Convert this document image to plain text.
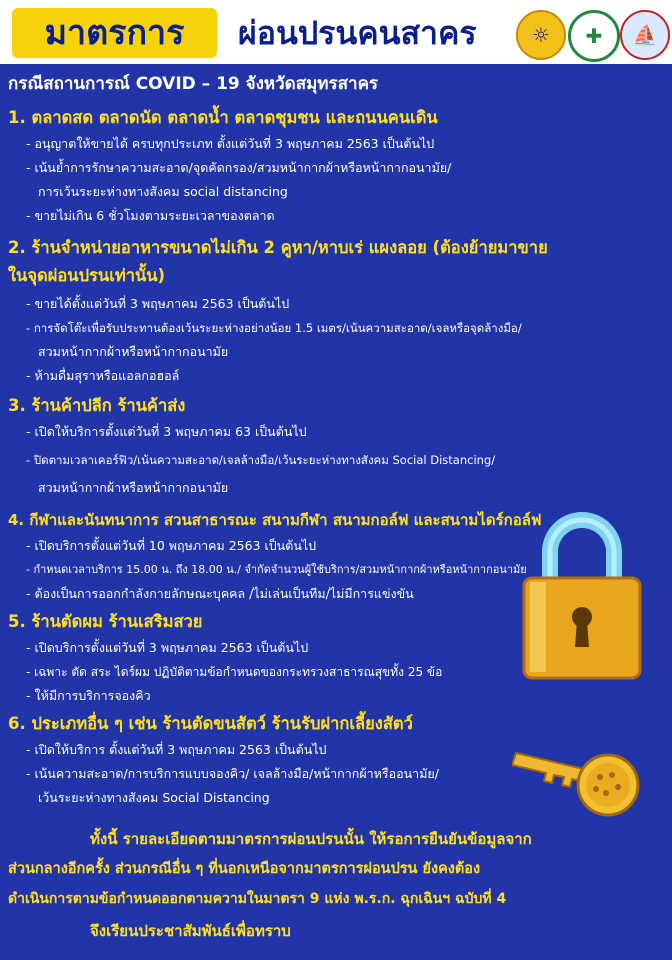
มาตรการ	ผ่อนปรนคนสาคร	☼	✚	⛵
กรณีสถานการณ์ COVID – 19 จังหวัดสมุทรสาคร
1. ตลาดสด ตลาดนัด ตลาดน้ำ ตลาดชุมชน และถนนคนเดิน
- อนุญาตให้ขายได้ ครบทุกประเภท ตั้งแต่วันที่ 3 พฤษภาคม 2563 เป็นต้นไป
- เน้นย้ำการรักษาความสะอาด/จุดคัดกรอง/สวมหน้ากากผ้าหรือหน้ากากอนามัย/
การเว้นระยะห่างทางสังคม social distancing
- ขายไม่เกิน 6 ชั่วโมงตามระยะเวลาของตลาด
2. ร้านจำหน่ายอาหารขนาดไม่เกิน 2 คูหา/หาบเร่ แผงลอย (ต้องย้ายมาขาย
ในจุดผ่อนปรนเท่านั้น)
- ขายได้ตั้งแต่วันที่ 3 พฤษภาคม 2563 เป็นต้นไป
- การจัดโต๊ะเพื่อรับประทานต้องเว้นระยะห่างอย่างน้อย 1.5 เมตร/เน้นความสะอาด/เจลหรือจุดล้างมือ/
สวมหน้ากากผ้าหรือหน้ากากอนามัย
- ห้ามดื่มสุราหรือแอลกอฮอล์
3. ร้านค้าปลีก ร้านค้าส่ง
- เปิดให้บริการตั้งแต่วันที่ 3 พฤษภาคม 63 เป็นต้นไป
- ปิดตามเวลาเคอร์ฟิว/เน้นความสะอาด/เจลล้างมือ/เว้นระยะห่างทางสังคม Social Distancing/
สวมหน้ากากผ้าหรือหน้ากากอนามัย
4. กีฬาและนันทนาการ สวนสาธารณะ สนามกีฬา สนามกอล์ฟ และสนามไดร์กอล์ฟ
- เปิดบริการตั้งแต่วันที่ 10 พฤษภาคม 2563 เป็นต้นไป
- กำหนดเวลาบริการ 15.00 น. ถึง 18.00 น./ จำกัดจำนวนผู้ใช้บริการ/สวมหน้ากากผ้าหรือหน้ากากอนามัย
- ต้องเป็นการออกกำลังกายลักษณะบุคคล /ไม่เล่นเป็นทีม/ไม่มีการแข่งขัน
5. ร้านตัดผม ร้านเสริมสวย
- เปิดบริการตั้งแต่วันที่ 3 พฤษภาคม 2563 เป็นต้นไป
- เฉพาะ ตัด สระ ไดร์ผม ปฏิบัติตามข้อกำหนดของกระทรวงสาธารณสุขทั้ง 25 ข้อ
- ให้มีการบริการจองคิว
6. ประเภทอื่น ๆ เช่น ร้านตัดขนสัตว์ ร้านรับฝากเลี้ยงสัตว์
- เปิดให้บริการ ตั้งแต่วันที่ 3 พฤษภาคม 2563 เป็นต้นไป
- เน้นความสะอาด/การบริการแบบจองคิว/ เจลล้างมือ/หน้ากากผ้าหรืออนามัย/
เว้นระยะห่างทางสังคม Social Distancing
ทั้งนี้ รายละเอียดตามมาตรการผ่อนปรนนั้น ให้รอการยืนยันข้อมูลจาก
ส่วนกลางอีกครั้ง ส่วนกรณีอื่น ๆ ที่นอกเหนือจากมาตรการผ่อนปรน ยังคงต้อง
ดำเนินการตามข้อกำหนดออกตามความในมาตรา 9 แห่ง พ.ร.ก. ฉุกเฉินฯ ฉบับที่ 4
จึงเรียนประชาสัมพันธ์เพื่อทราบ
